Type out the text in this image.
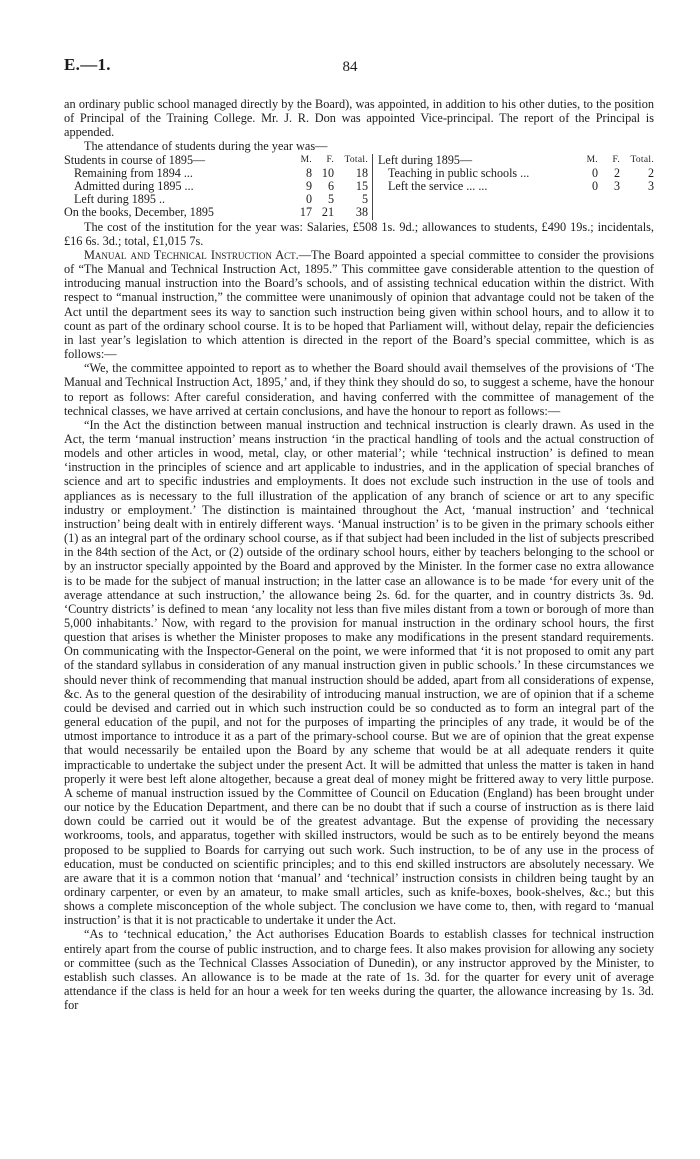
E.—1.	84

an ordinary public school managed directly by the Board), was appointed, in addition to his other duties, to the position of Principal of the Training College. Mr. J. R. Don was appointed Vice-principal. The report of the Principal is appended.

The attendance of students during the year was—

Students in course of 1895—	M.	F.	Total.
Remaining from 1894 ...	8 10	18
Admitted during 1895 ...	9	6	15
Left during 1895 ..	0	5	5
On the books, December, 1895	17 21	38
Left during 1895—	M.	F.	Total.
Teaching in public schools ...	0	2	2
Left the service ... ...	0	3	3

The cost of the institution for the year was: Salaries, £508 1s. 9d.; allowances to students, £490 19s.; incidentals, £16 6s. 3d.; total, £1,015 7s.

Manual and Technical Instruction Act.—The Board appointed a special committee to consider the provisions of “The Manual and Technical Instruction Act, 1895.” This committee gave considerable attention to the question of introducing manual instruction into the Board’s schools, and of assisting technical education within the district. With respect to “manual instruction,” the committee were unanimously of opinion that advantage could not be taken of the Act until the department sees its way to sanction such instruction being given within school hours, and to allow it to count as part of the ordinary school course. It is to be hoped that Parliament will, without delay, repair the deficiencies in last year’s legislation to which attention is directed in the report of the Board’s special committee, which is as follows:—

“We, the committee appointed to report as to whether the Board should avail themselves of the provisions of ‘The Manual and Technical Instruction Act, 1895,’ and, if they think they should do so, to suggest a scheme, have the honour to report as follows: After careful consideration, and having conferred with the committee of management of the technical classes, we have arrived at certain conclusions, and have the honour to report as follows:—

“In the Act the distinction between manual instruction and technical instruction is clearly drawn. As used in the Act, the term ‘manual instruction’ means instruction ‘in the practical handling of tools and the actual construction of models and other articles in wood, metal, clay, or other material’; while ‘technical instruction’ is defined to mean ‘instruction in the principles of science and art applicable to industries, and in the application of special branches of science and art to specific industries and employments. It does not exclude such instruction in the use of tools and appliances as is necessary to the full illustration of the application of any branch of science or art to any specific industry or employment.’ The distinction is maintained throughout the Act, ‘manual instruction’ and ‘technical instruction’ being dealt with in entirely different ways. ‘Manual instruction’ is to be given in the primary schools either (1) as an integral part of the ordinary school course, as if that subject had been included in the list of subjects prescribed in the 84th section of the Act, or (2) outside of the ordinary school hours, either by teachers belonging to the school or by an instructor specially appointed by the Board and approved by the Minister. In the former case no extra allowance is to be made for the subject of manual instruction; in the latter case an allowance is to be made ‘for every unit of the average attendance at such instruction,’ the allowance being 2s. 6d. for the quarter, and in country districts 3s. 9d. ‘Country districts’ is defined to mean ‘any locality not less than five miles distant from a town or borough of more than 5,000 inhabitants.’ Now, with regard to the provision for manual instruction in the ordinary school hours, the first question that arises is whether the Minister proposes to make any modifications in the present standard requirements. On communicating with the Inspector-General on the point, we were informed that ‘it is not proposed to omit any part of the standard syllabus in consideration of any manual instruction given in public schools.’ In these circumstances we should never think of recommending that manual instruction should be added, apart from all considerations of expense, &c. As to the general question of the desirability of introducing manual instruction, we are of opinion that if a scheme could be devised and carried out in which such instruction could be so conducted as to form an integral part of the general education of the pupil, and not for the purposes of imparting the principles of any trade, it would be of the utmost importance to introduce it as a part of the primary-school course. But we are of opinion that the great expense that would necessarily be entailed upon the Board by any scheme that would be at all adequate renders it quite impracticable to undertake the subject under the present Act. It will be admitted that unless the matter is taken in hand properly it were best left alone altogether, because a great deal of money might be frittered away to very little purpose. A scheme of manual instruction issued by the Committee of Council on Education (England) has been brought under our notice by the Education Department, and there can be no doubt that if such a course of instruction as is there laid down could be carried out it would be of the greatest advantage. But the expense of providing the necessary workrooms, tools, and apparatus, together with skilled instructors, would be such as to be entirely beyond the means proposed to be supplied to Boards for carrying out such work. Such instruction, to be of any use in the process of education, must be conducted on scientific principles; and to this end skilled instructors are absolutely necessary. We are aware that it is a common notion that ‘manual’ and ‘technical’ instruction consists in children being taught by an ordinary carpenter, or even by an amateur, to make small articles, such as knife-boxes, book-shelves, &c.; but this shows a complete misconception of the whole subject. The conclusion we have come to, then, with regard to ‘manual instruction’ is that it is not practicable to undertake it under the Act.

“As to ‘technical education,’ the Act authorises Education Boards to establish classes for technical instruction entirely apart from the course of public instruction, and to charge fees. It also makes provision for allowing any society or committee (such as the Technical Classes Association of Dunedin), or any instructor approved by the Minister, to establish such classes. An allowance is to be made at the rate of 1s. 3d. for the quarter for every unit of average attendance if the class is held for an hour a week for ten weeks during the quarter, the allowance increasing by 1s. 3d. for
